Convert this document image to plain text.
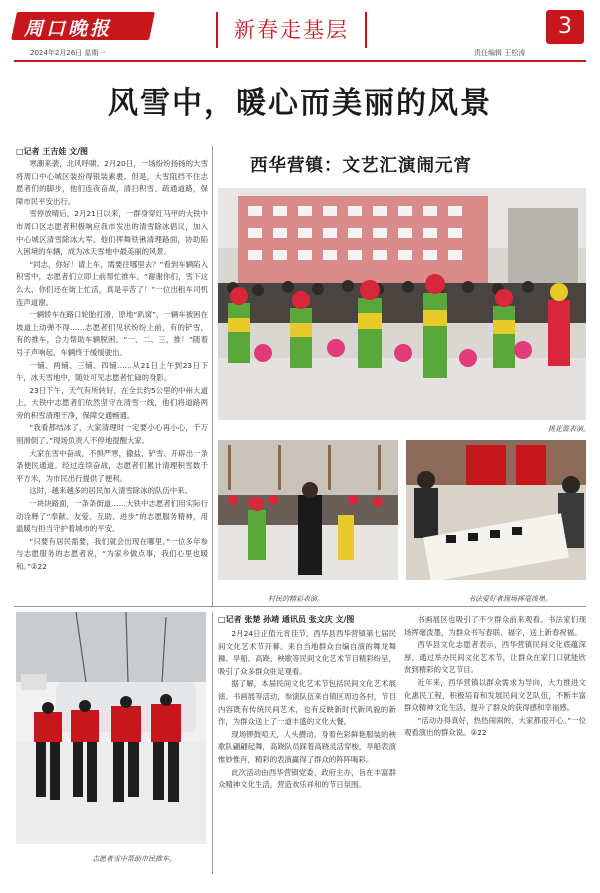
周口晚报
2024年2月26日 星期一
新春走基层
责任编辑 王松涛
3
风雪中，暖心而美丽的风景
□记者 王吉娃 文/图

寒潮来袭，北风呼啸。2月20日，一场纷纷扬扬的大雪将周口中心城区装扮得银装素裹。但是，大雪阻挡不住志愿者们的脚步，他们连夜奋战，清扫积雪、疏通道路，保障市民平安出行。

雪停放晴后，2月21日以来，一群身穿红马甲的大铁中市周口区志愿者积极响应我市发出的清雪除冰倡议，加入中心城区清雪除冰大军。他们挥舞铁锹清理路面，协助陷入困境的车辆，成为冰天雪地中最美丽的风景。

“同志，你好！请上车，需要往哪里去？”看到车辆陷入积雪中，志愿者们立即上前帮忙推车。“谢谢你们，雪下这么大，你们还在街上忙活，真是辛苦了！”一位出租车司机连声道谢。

一辆轿车在路口轮胎打滑，原地“趴窝”，一辆车被困在坡道上动弹不得……志愿者们见状纷纷上前，有的铲雪，有的推车，合力帮助车辆脱困。“一、二、三，推！”随着号子声响起，车辆终于缓缓驶出。

一铺、两铺、三铺、四铺……从21日上午到23日下午，冰天雪地中，随处可见志愿者忙碌的身影。

23日下午，天气有所转好，在全长约5公里的中州大道上，大铁中志愿者们依然坚守在清雪一线，他们将道路两旁的积雪清理干净，保障交通畅通。

“我看都结冰了，大家清理时一定要小心再小心，千万别滑倒了。”现场负责人不停地提醒大家。

大家在雪中奋战，不惧严寒，撒盐、铲雪、开辟出一条条便民通道。经过连续奋战，志愿者们累计清理积雪数千平方米，为市民出行提供了便利。

这时，越来越多的居民加入清雪除冰的队伍中来。

一块块路面，一条条街道……大铁中志愿者们用实际行动诠释了“奉献、友爱、互助、进步”的志愿服务精神，用温暖与担当守护着城市的平安。

“只要有居民需要，我们就会出现在哪里。”一位多年参与志愿服务的志愿者说，“为家乡做点事，我们心里也暖和。”②22

西华营镇：文艺汇演闹元宵
挑花篮表演。
村民的精彩表演。	书法爱好者现场挥毫泼墨。
志愿者雪中帮助市民推车。
□记者 张楚 孙靖 通讯员 张文庆 文/图

2月24日正值元宵佳节，西华县西华营镇第七届民间文化艺术节开幕。来自当地群众自编自演的舞龙舞狮、旱船、高跷、秧歌等民间文化艺术节目精彩纷呈，吸引了众多群众驻足观看。

据了解，本届民间文化艺术节包括民间文化艺术展演、书画展等活动，参演队伍来自镇区周边各村，节目内容既有传统民间艺术，也有反映新时代新风貌的新作，为群众送上了一道丰盛的文化大餐。

现场锣鼓喧天，人头攒动。身着色彩鲜艳服装的秧歌队翩翩起舞，高跷队员踩着高跷灵活穿梭，旱船表演惟妙惟肖，精彩的表演赢得了群众的阵阵喝彩。

此次活动由西华营镇党委、政府主办，旨在丰富群众精神文化生活，营造欢乐祥和的节日氛围。

书画展区也吸引了不少群众前来观看。书法家们现场挥毫泼墨，为群众书写春联、福字，送上新春祝福。

西华县文化志愿者表示，西华营镇民间文化底蕴深厚，通过举办民间文化艺术节，让群众在家门口就能欣赏到精彩的文艺节目。

近年来，西华营镇以群众需求为导向，大力推进文化惠民工程，积极培育和发展民间文艺队伍，不断丰富群众精神文化生活，提升了群众的获得感和幸福感。

“活动办得真好，热热闹闹的，大家都很开心。”一位观看演出的群众说。②22
